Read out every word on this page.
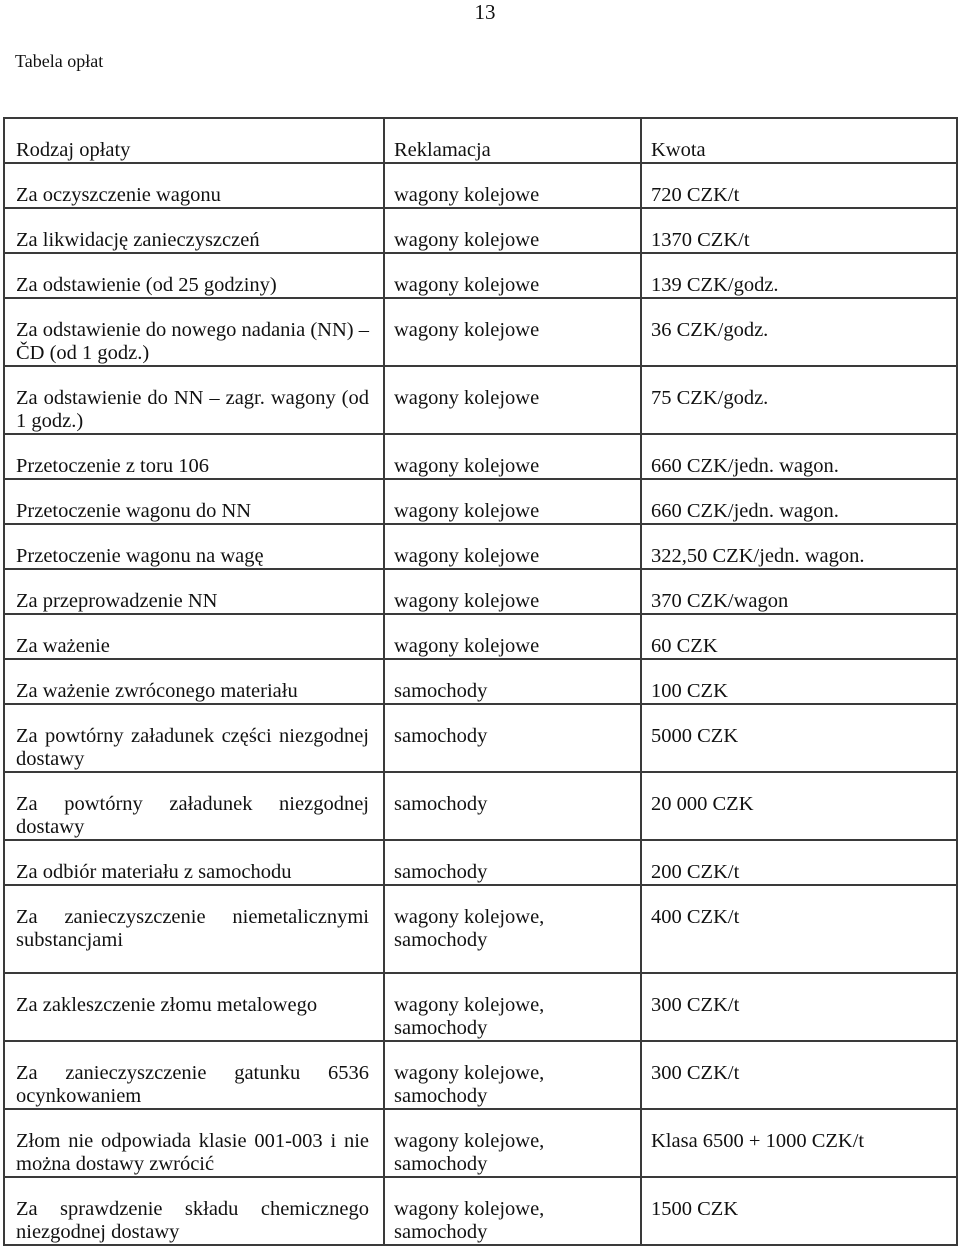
13
Tabela opłat
Rodzaj opłaty	Reklamacja	Kwota
Za oczyszczenie wagonu	wagony kolejowe	720 CZK/t
Za likwidację zanieczyszczeń	wagony kolejowe	1370 CZK/t
Za odstawienie (od 25 godziny)	wagony kolejowe	139 CZK/godz.
Za odstawienie do nowego nadania (NN) – ČD (od 1 godz.)	wagony kolejowe	36 CZK/godz.
Za odstawienie do NN – zagr. wagony (od 1 godz.)	wagony kolejowe	75 CZK/godz.
Przetoczenie z toru 106	wagony kolejowe	660 CZK/jedn. wagon.
Przetoczenie wagonu do NN	wagony kolejowe	660 CZK/jedn. wagon.
Przetoczenie wagonu na wagę	wagony kolejowe	322,50 CZK/jedn. wagon.
Za przeprowadzenie NN	wagony kolejowe	370 CZK/wagon
Za ważenie	wagony kolejowe	60 CZK
Za ważenie zwróconego materiału	samochody	100 CZK
Za powtórny załadunek części niezgodnej dostawy	samochody	5000 CZK
Za powtórny załadunek niezgodnej dostawy	samochody	20 000 CZK
Za odbiór materiału z samochodu	samochody	200 CZK/t
Za zanieczyszczenie niemetalicznymi substancjami	wagony kolejowe, samochody	400 CZK/t
Za zakleszczenie złomu metalowego	wagony kolejowe, samochody	300 CZK/t
Za zanieczyszczenie gatunku 6536 ocynkowaniem	wagony kolejowe, samochody	300 CZK/t
Złom nie odpowiada klasie 001-003 i nie można dostawy zwrócić	wagony kolejowe, samochody	Klasa 6500 + 1000 CZK/t
Za sprawdzenie składu chemicznego niezgodnej dostawy	wagony kolejowe, samochody	1500 CZK
